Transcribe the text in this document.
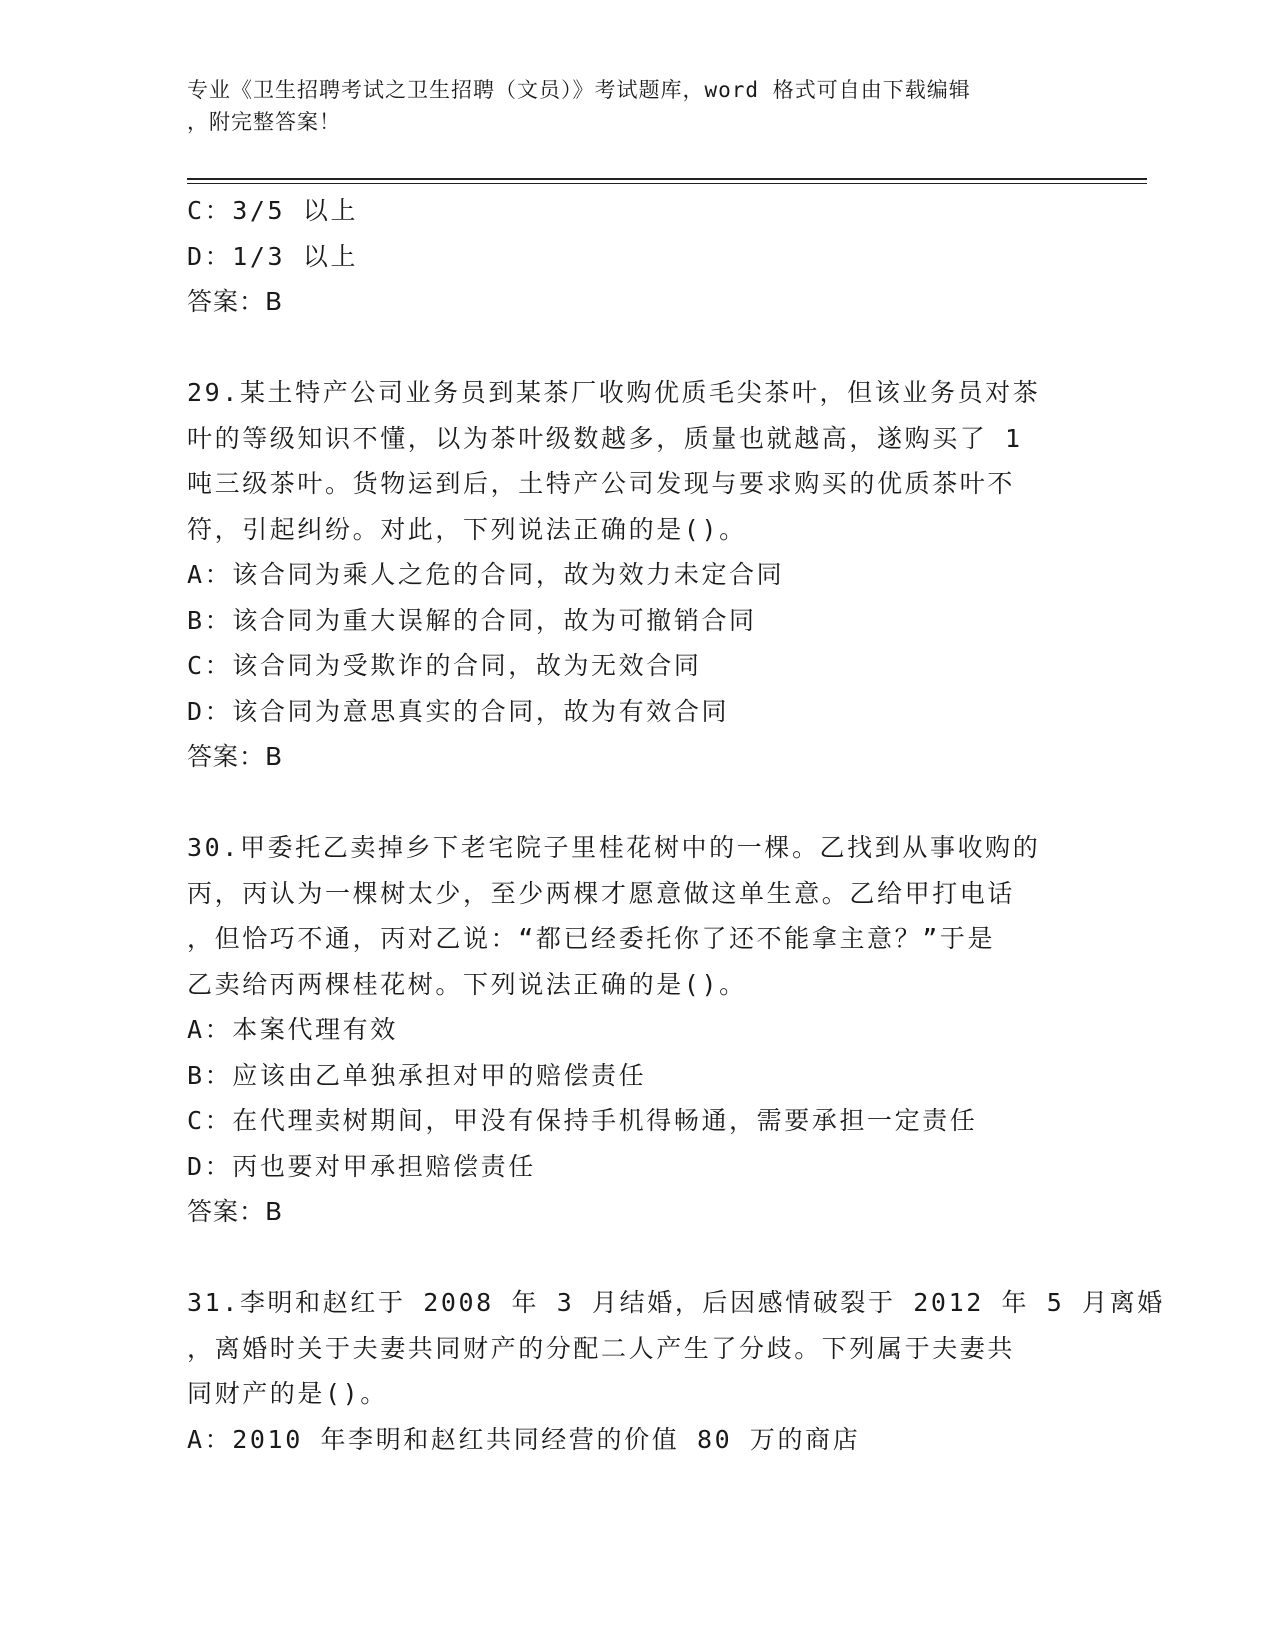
专业《卫生招聘考试之卫生招聘（文员）》考试题库，word 格式可自由下载编辑
，附完整答案！
C：3/5 以上
D：1/3 以上
答案：B
29.某土特产公司业务员到某茶厂收购优质毛尖茶叶，但该业务员对茶
叶的等级知识不懂，以为茶叶级数越多，质量也就越高，遂购买了 1
吨三级茶叶。货物运到后，土特产公司发现与要求购买的优质茶叶不
符，引起纠纷。对此，下列说法正确的是()。
A：该合同为乘人之危的合同，故为效力未定合同
B：该合同为重大误解的合同，故为可撤销合同
C：该合同为受欺诈的合同，故为无效合同
D：该合同为意思真实的合同，故为有效合同
答案：B
30.甲委托乙卖掉乡下老宅院子里桂花树中的一棵。乙找到从事收购的
丙，丙认为一棵树太少，至少两棵才愿意做这单生意。乙给甲打电话
，但恰巧不通，丙对乙说：“都已经委托你了还不能拿主意？”于是
乙卖给丙两棵桂花树。下列说法正确的是()。
A：本案代理有效
B：应该由乙单独承担对甲的赔偿责任
C：在代理卖树期间，甲没有保持手机得畅通，需要承担一定责任
D：丙也要对甲承担赔偿责任
答案：B
31.李明和赵红于 2008 年 3 月结婚，后因感情破裂于 2012 年 5 月离婚
，离婚时关于夫妻共同财产的分配二人产生了分歧。下列属于夫妻共
同财产的是()。
A：2010 年李明和赵红共同经营的价值 80 万的商店
